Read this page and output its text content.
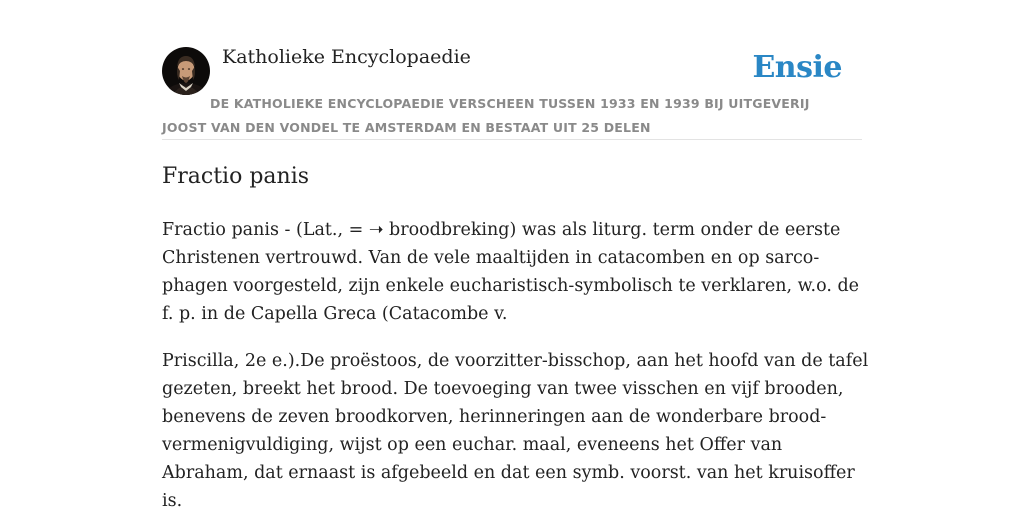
Katholieke Encyclopaedie	Ensie
DE KATHOLIEKE ENCYCLOPAEDIE VERSCHEEN TUSSEN 1933 EN 1939 BIJ UITGEVERIJ JOOST VAN DEN VONDEL TE AMSTERDAM EN BESTAAT UIT 25 DELEN
Fractio panis

Fractio panis - (Lat., = ➝ broodbreking) was als liturg. term onder de eerste Christenen vertrouwd. Van de vele maaltijden in catacomben en op sarco-phagen voorgesteld, zijn enkele eucharistisch-symbolisch te verklaren, w.o. de f. p. in de Capella Greca (Catacombe v.

Priscilla, 2e e.).De proëstoos, de voorzitter-bisschop, aan het hoofd van de tafel gezeten, breekt het brood. De toevoeging van twee visschen en vijf brooden, benevens de zeven broodkorven, herinneringen aan de wonderbare brood-vermenigvuldiging, wijst op een euchar. maal, eveneens het Offer van Abraham, dat ernaast is afgebeeld en dat een symb. voorst. van het kruisoffer is.
